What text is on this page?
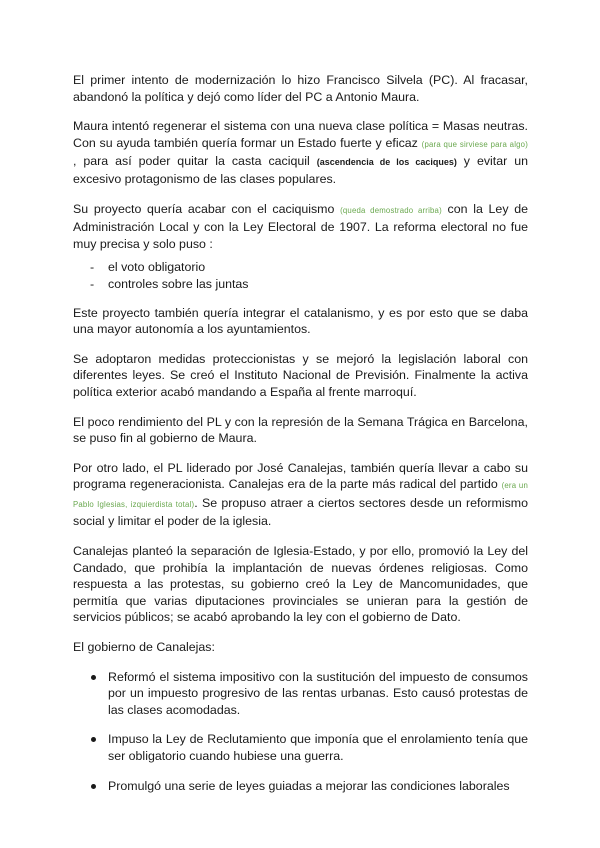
El primer intento de modernización lo hizo Francisco Silvela (PC). Al fracasar, abandonó la política y dejó como líder del PC a Antonio Maura.

Maura intentó regenerar el sistema con una nueva clase política = Masas neutras. Con su ayuda también quería formar un Estado fuerte y eficaz (para que sirviese para algo) , para así poder quitar la casta caciquil (ascendencia de los caciques) y evitar un excesivo protagonismo de las clases populares.

Su proyecto quería acabar con el caciquismo (queda demostrado arriba) con la Ley de Administración Local y con la Ley Electoral de 1907. La reforma electoral no fue muy precisa y solo puso :

- el voto obligatorio
- controles sobre las juntas

Este proyecto también quería integrar el catalanismo, y es por esto que se daba una mayor autonomía a los ayuntamientos.

Se adoptaron medidas proteccionistas y se mejoró la legislación laboral con diferentes leyes. Se creó el Instituto Nacional de Previsión. Finalmente la activa política exterior acabó mandando a España al frente marroquí.

El poco rendimiento del PL y con la represión de la Semana Trágica en Barcelona, se puso fin al gobierno de Maura.

Por otro lado, el PL liderado por José Canalejas, también quería llevar a cabo su programa regeneracionista. Canalejas era de la parte más radical del partido (era un Pablo Iglesias, izquierdista total). Se propuso atraer a ciertos sectores desde un reformismo social y limitar el poder de la iglesia.

Canalejas planteó la separación de Iglesia-Estado, y por ello, promovió la Ley del Candado, que prohibía la implantación de nuevas órdenes religiosas. Como respuesta a las protestas, su gobierno creó la Ley de Mancomunidades, que permitía que varias diputaciones provinciales se unieran para la gestión de servicios públicos; se acabó aprobando la ley con el gobierno de Dato.

El gobierno de Canalejas:

Reformó el sistema impositivo con la sustitución del impuesto de consumos por un impuesto progresivo de las rentas urbanas. Esto causó protestas de las clases acomodadas.
Impuso la Ley de Reclutamiento que imponía que el enrolamiento tenía que ser obligatorio cuando hubiese una guerra.
Promulgó una serie de leyes guiadas a mejorar las condiciones laborales
